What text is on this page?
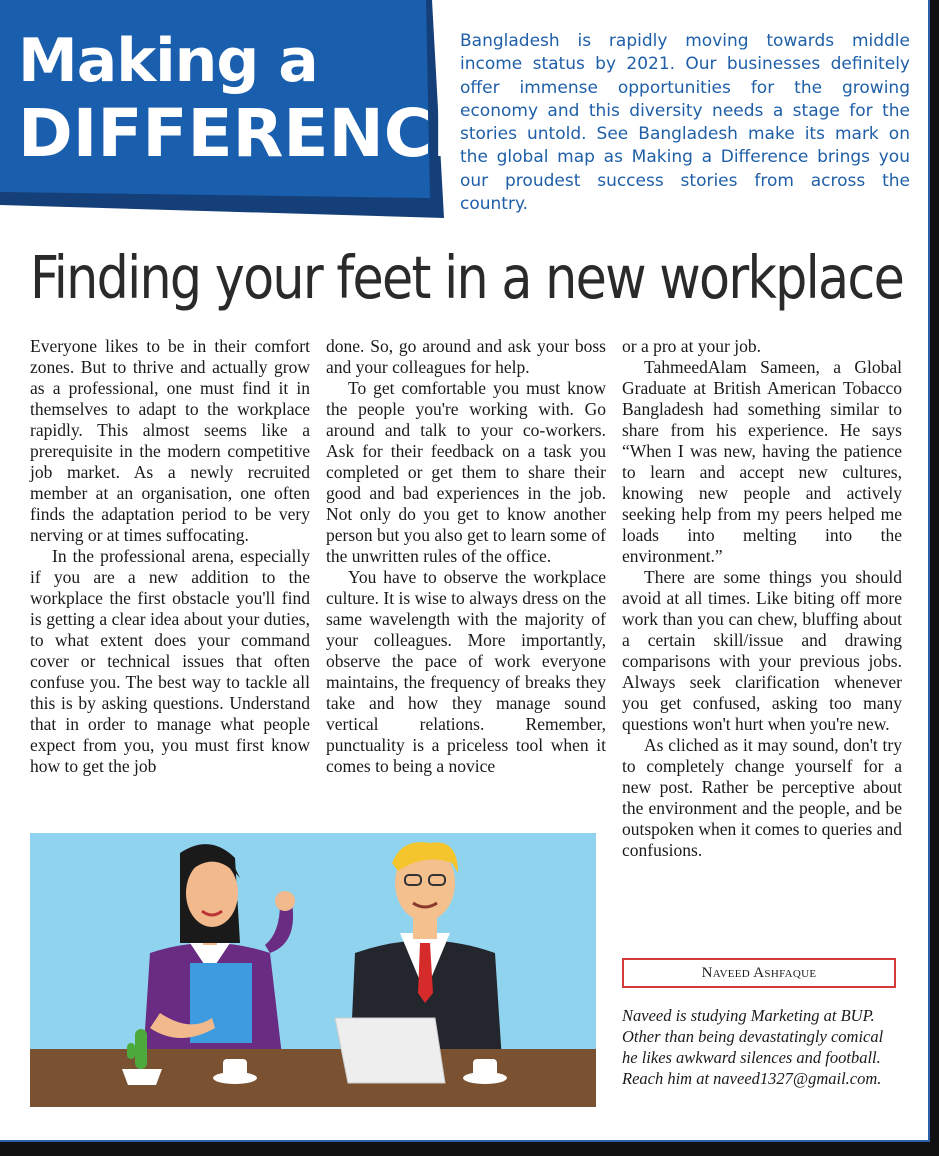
Making a
DIFFERENCE
Bangladesh is rapidly moving towards middle income status by 2021. Our businesses definitely offer immense opportunities for the growing economy and this diversity needs a stage for the stories untold. See Bangladesh make its mark on the global map as Making a Difference brings you our proudest success stories from across the country.
Finding your feet in a new workplace

Everyone likes to be in their comfort zones. But to thrive and actually grow as a professional, one must find it in themselves to adapt to the workplace rapidly. This almost seems like a prerequisite in the modern competitive job market. As a newly recruited member at an organisation, one often finds the adaptation period to be very nerving or at times suffocating.

In the professional arena, especially if you are a new addition to the workplace the first obstacle you'll find is getting a clear idea about your duties, to what extent does your command cover or technical issues that often confuse you. The best way to tackle all this is by asking questions. Understand that in order to manage what people expect from you, you must first know how to get the job

done. So, go around and ask your boss and your colleagues for help.

To get comfortable you must know the people you're working with. Go around and talk to your co-workers. Ask for their feedback on a task you completed or get them to share their good and bad experiences in the job. Not only do you get to know another person but you also get to learn some of the unwritten rules of the office.

You have to observe the workplace culture. It is wise to always dress on the same wavelength with the majority of your colleagues. More importantly, observe the pace of work everyone maintains, the frequency of breaks they take and how they manage sound vertical relations. Remember, punctuality is a priceless tool when it comes to being a novice

or a pro at your job.

TahmeedAlam Sameen, a Global Graduate at British American Tobacco Bangladesh had something similar to share from his experience. He says “When I was new, having the patience to learn and accept new cultures, knowing new people and actively seeking help from my peers helped me loads into melting into the environment.”

There are some things you should avoid at all times. Like biting off more work than you can chew, bluffing about a certain skill/issue and drawing comparisons with your previous jobs. Always seek clarification whenever you get confused, asking too many questions won't hurt when you're new.

As cliched as it may sound, don't try to completely change yourself for a new post. Rather be perceptive about the environment and the people, and be outspoken when it comes to queries and confusions.

Naveed Ashfaque
Naveed is studying Marketing at BUP. Other than being devastatingly comical he likes awkward silences and football. Reach him at naveed1327@gmail.com.
